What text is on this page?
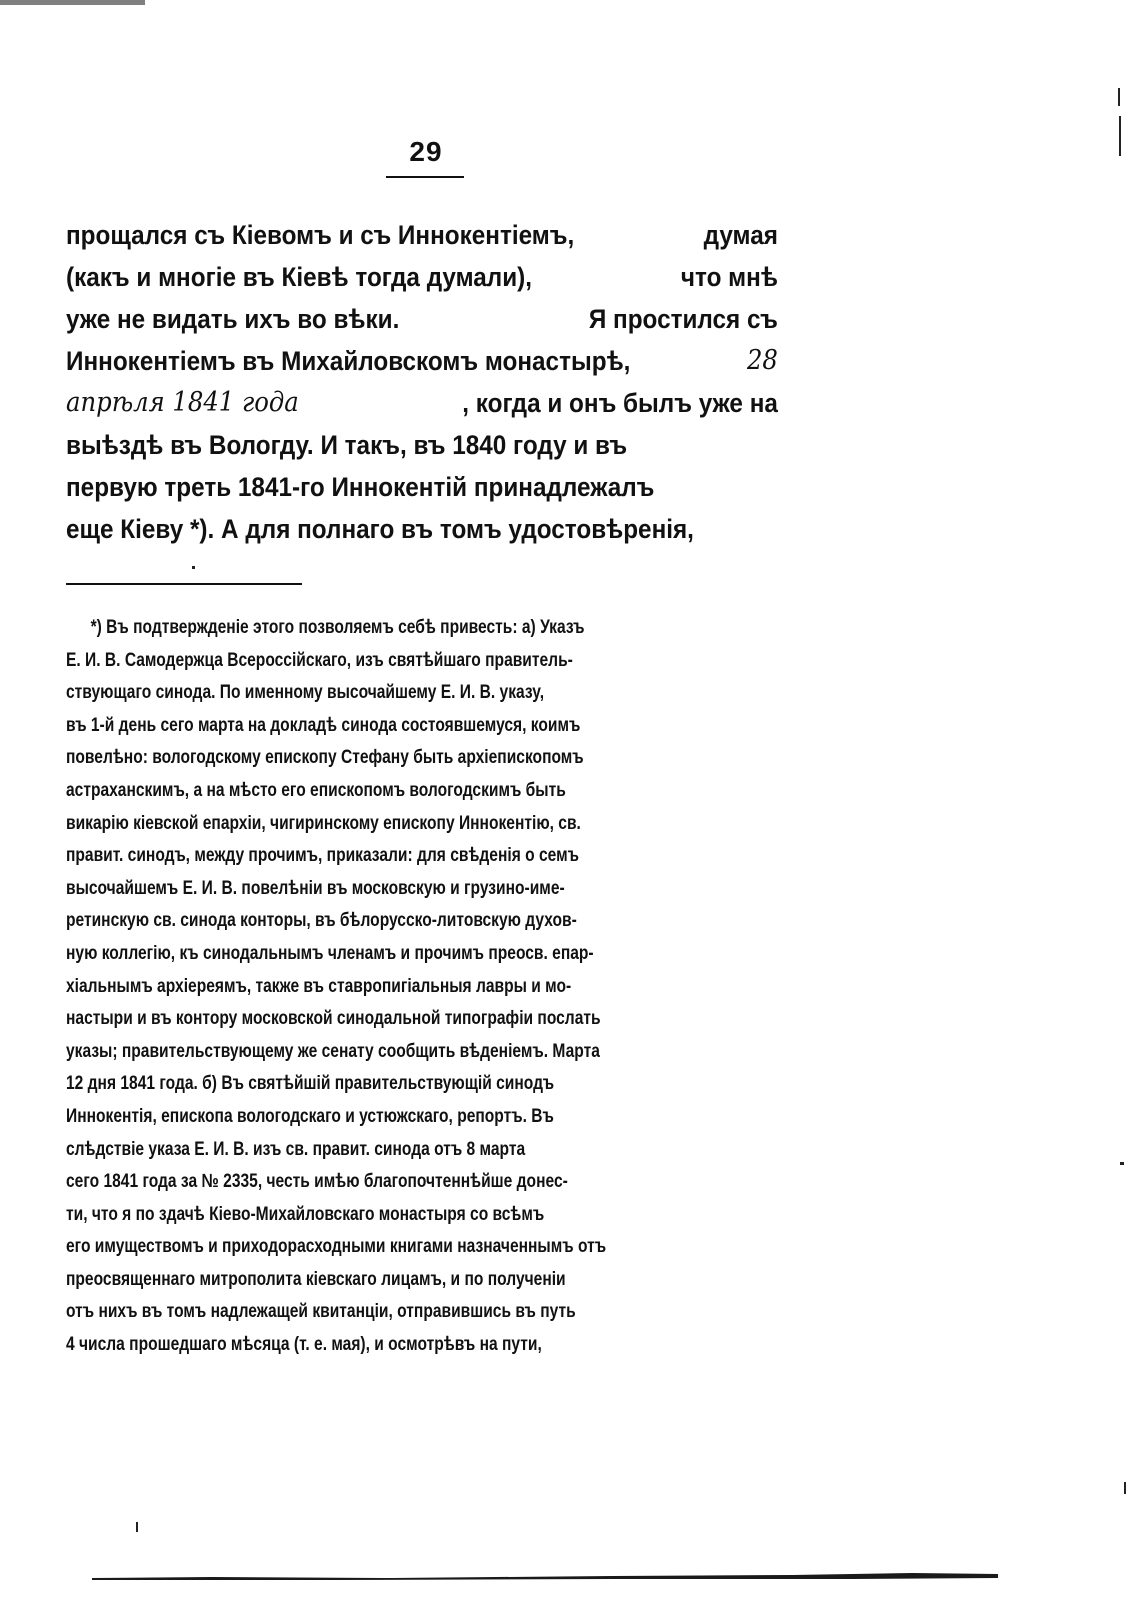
29
прощался съ Кіевомъ и съ Иннокентіемъ,	думая
(какъ и многіе въ Кіевѣ тогда думали),	что мнѣ
уже не видать ихъ во вѣки.	Я простился съ
Иннокентіемъ въ Михайловскомъ монастырѣ,	28
апрѣля 1841 года	, когда и онъ былъ уже на
выѣздѣ въ Вологду. И такъ, въ 1840 году и въ
первую треть 1841-го Иннокентій принадлежалъ
еще Кіеву *). А для полнаго въ томъ удостовѣренія,
*) Въ подтвержденіе этого позволяемъ себѣ привесть: а) Указъ
Е. И. В. Самодержца Всероссійскаго, изъ святѣйшаго правитель-
ствующаго синода. По именному высочайшему Е. И. В. указу,
въ 1-й день сего марта на докладѣ синода состоявшемуся, коимъ
повелѣно: вологодскому епископу Стефану быть архіепископомъ
астраханскимъ, а на мѣсто его епископомъ вологодскимъ быть
викарію кіевской епархіи, чигиринскому епископу Иннокентію, св.
правит. синодъ, между прочимъ, приказали: для свѣденія о семъ
высочайшемъ Е. И. В. повелѣніи въ московскую и грузино-име-
ретинскую св. синода конторы, въ бѣлорусско-литовскую духов-
ную коллегію, къ синодальнымъ членамъ и прочимъ преосв. епар-
хіальнымъ архіереямъ, также въ ставропигіальныя лавры и мо-
настыри и въ контору московской синодальной типографіи послать
указы; правительствующему же сенату сообщить вѣденіемъ. Марта
12 дня 1841 года. б) Въ святѣйшій правительствующій синодъ
Иннокентія, епископа вологодскаго и устюжскаго, репортъ. Въ
слѣдствіе указа Е. И. В. изъ св. правит. синода отъ 8 марта
сего 1841 года за № 2335, честь имѣю благопочтеннѣйше донес-
ти, что я по здачѣ Кіево-Михайловскаго монастыря со всѣмъ
его имуществомъ и приходорасходными книгами назначеннымъ отъ
преосвященнаго митрополита кіевскаго лицамъ, и по полученіи
отъ нихъ въ томъ надлежащей квитанціи, отправившись въ путь
4 числа прошедшаго мѣсяца (т. е. мая), и осмотрѣвъ на пути,
